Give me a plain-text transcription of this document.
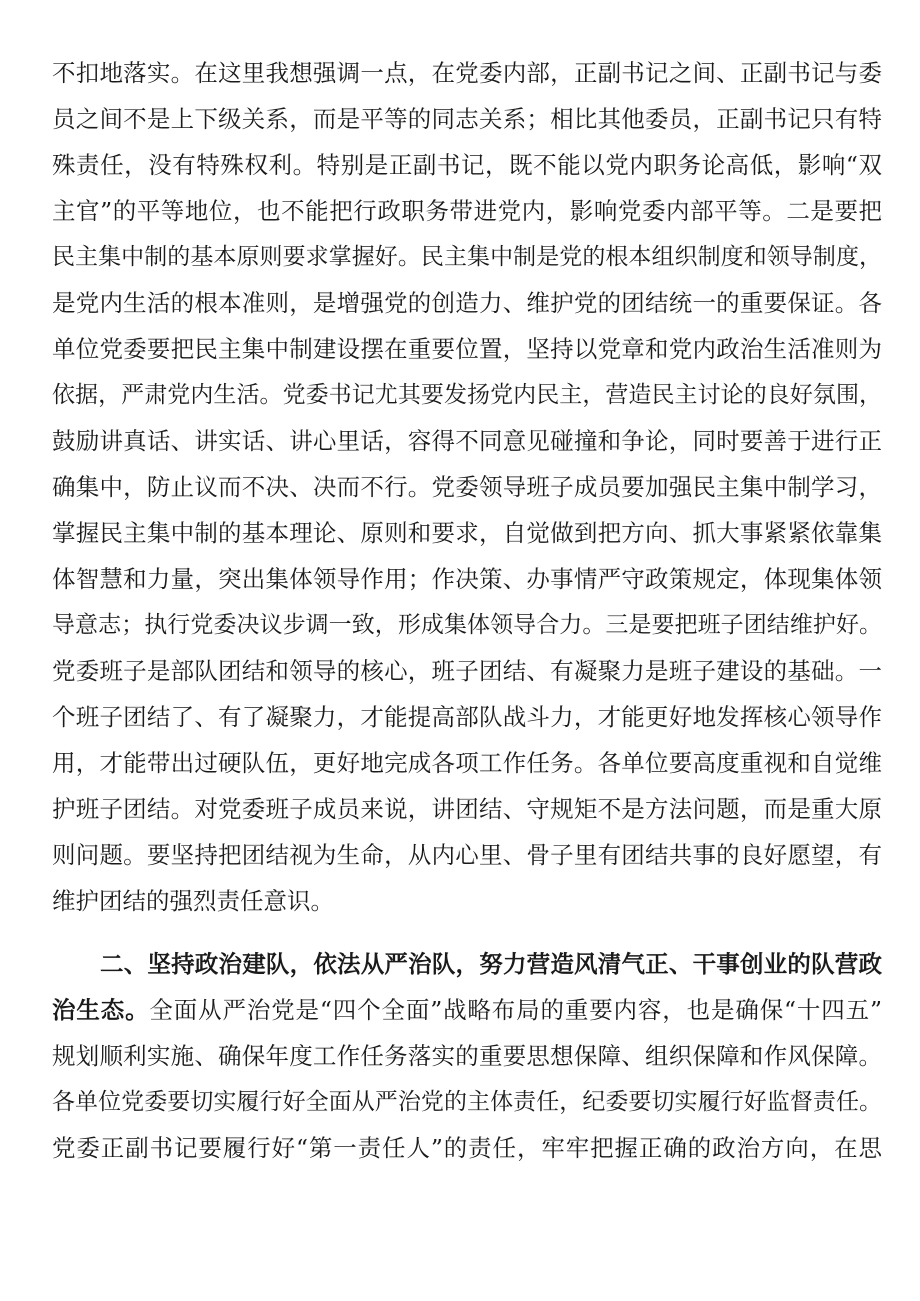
不扣地落实。在这里我想强调一点，在党委内部，正副书记之间、正副书记与委
员之间不是上下级关系，而是平等的同志关系；相比其他委员，正副书记只有特
殊责任，没有特殊权利。特别是正副书记，既不能以党内职务论高低，影响“双
主官”的平等地位，也不能把行政职务带进党内，影响党委内部平等。二是要把
民主集中制的基本原则要求掌握好。民主集中制是党的根本组织制度和领导制度，
是党内生活的根本准则，是增强党的创造力、维护党的团结统一的重要保证。各
单位党委要把民主集中制建设摆在重要位置，坚持以党章和党内政治生活准则为
依据，严肃党内生活。党委书记尤其要发扬党内民主，营造民主讨论的良好氛围，
鼓励讲真话、讲实话、讲心里话，容得不同意见碰撞和争论，同时要善于进行正
确集中，防止议而不决、决而不行。党委领导班子成员要加强民主集中制学习，
掌握民主集中制的基本理论、原则和要求，自觉做到把方向、抓大事紧紧依靠集
体智慧和力量，突出集体领导作用；作决策、办事情严守政策规定，体现集体领
导意志；执行党委决议步调一致，形成集体领导合力。三是要把班子团结维护好。
党委班子是部队团结和领导的核心，班子团结、有凝聚力是班子建设的基础。一
个班子团结了、有了凝聚力，才能提高部队战斗力，才能更好地发挥核心领导作
用，才能带出过硬队伍，更好地完成各项工作任务。各单位要高度重视和自觉维
护班子团结。对党委班子成员来说，讲团结、守规矩不是方法问题，而是重大原
则问题。要坚持把团结视为生命，从内心里、骨子里有团结共事的良好愿望，有
维护团结的强烈责任意识。
二、坚持政治建队，依法从严治队，努力营造风清气正、干事创业的队营政
治生态。全面从严治党是“四个全面”战略布局的重要内容，也是确保“十四五”
规划顺利实施、确保年度工作任务落实的重要思想保障、组织保障和作风保障。
各单位党委要切实履行好全面从严治党的主体责任，纪委要切实履行好监督责任。
党委正副书记要履行好“第一责任人”的责任，牢牢把握正确的政治方向，在思
